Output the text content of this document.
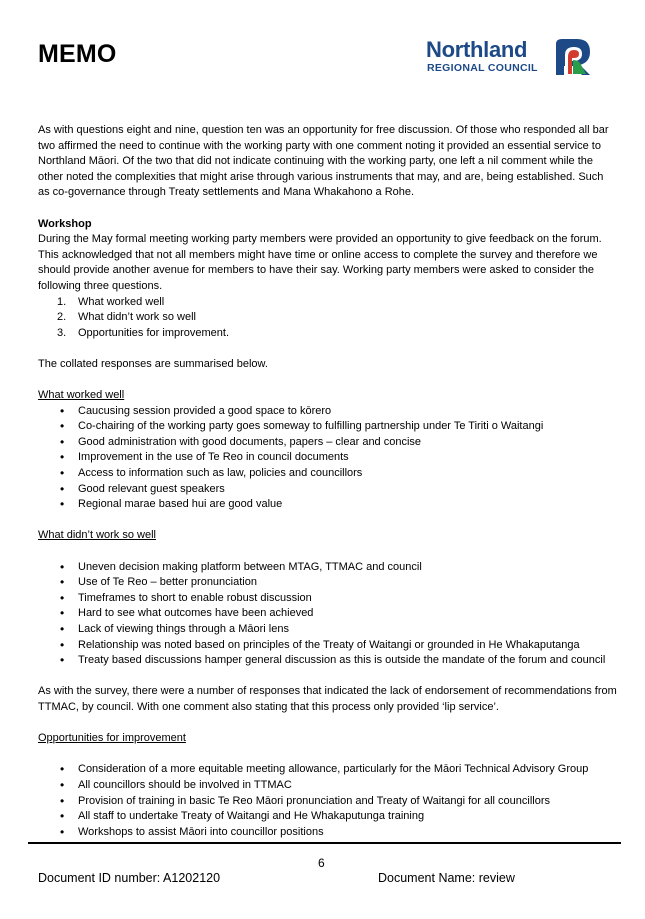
MEMO	Northland
REGIONAL COUNCIL

As with questions eight and nine, question ten was an opportunity for free discussion. Of those who responded all bar two affirmed the need to continue with the working party with one comment noting it provided an essential service to Northland Māori. Of the two that did not indicate continuing with the working party, one left a nil comment while the other noted the complexities that might arise through various instruments that may, and are, being established. Such as co-governance through Treaty settlements and Mana Whakahono a Rohe.

Workshop

During the May formal meeting working party members were provided an opportunity to give feedback on the forum. This acknowledged that not all members might have time or online access to complete the survey and therefore we should provide another avenue for members to have their say. Working party members were asked to consider the following three questions.

1. What worked well
2. What didn’t work so well
3. Opportunities for improvement.

The collated responses are summarised below.

What worked well

• Caucusing session provided a good space to kōrero
• Co-chairing of the working party goes someway to fulfilling partnership under Te Tiriti o Waitangi
• Good administration with good documents, papers – clear and concise
• Improvement in the use of Te Reo in council documents
• Access to information such as law, policies and councillors
• Good relevant guest speakers
• Regional marae based hui are good value

What didn’t work so well

• Uneven decision making platform between MTAG, TTMAC and council
• Use of Te Reo – better pronunciation
• Timeframes to short to enable robust discussion
• Hard to see what outcomes have been achieved
• Lack of viewing things through a Māori lens
• Relationship was noted based on principles of the Treaty of Waitangi or grounded in He Whakaputanga
• Treaty based discussions hamper general discussion as this is outside the mandate of the forum and council

As with the survey, there were a number of responses that indicated the lack of endorsement of recommendations from TTMAC, by council. With one comment also stating that this process only provided ‘lip service’.

Opportunities for improvement

• Consideration of a more equitable meeting allowance, particularly for the Māori Technical Advisory Group
• All councillors should be involved in TTMAC
• Provision of training in basic Te Reo Māori pronunciation and Treaty of Waitangi for all councillors
• All staff to undertake Treaty of Waitangi and He Whakaputunga training
• Workshops to assist Māori into councillor positions
6
Document ID number: A1202120	Document Name: review
